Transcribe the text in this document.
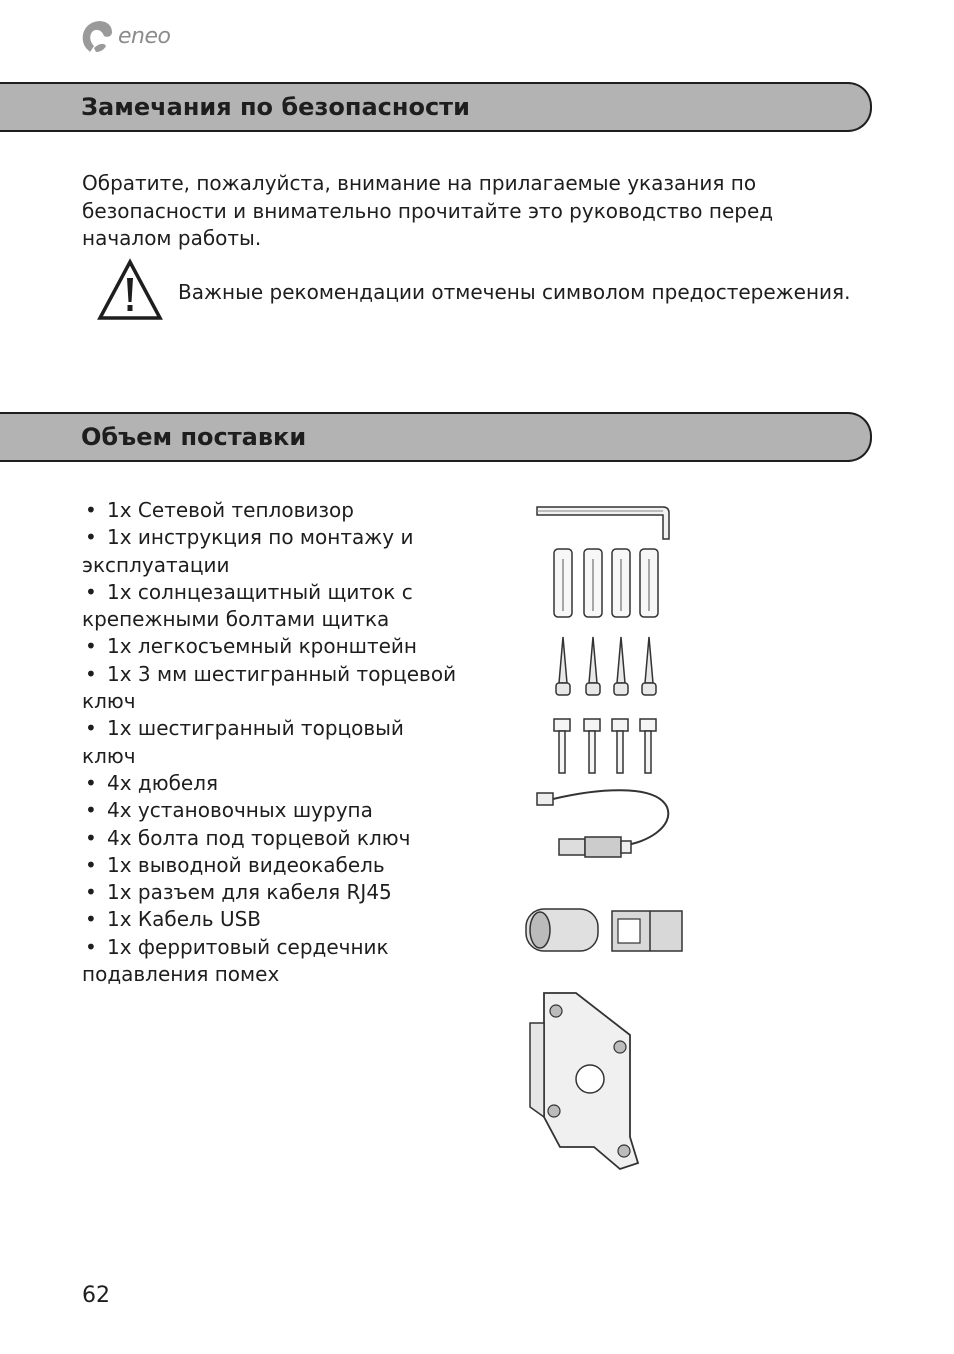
eneo
Замечания по безопасности
Обратите, пожалуйста, внимание на прилагаемые указания по
безопасности и внимательно прочитайте это руководство перед
началом работы.
Важные рекомендации отмечены символом предостережения.
Объем поставки
• 1x Сетевой тепловизор
• 1x инструкция по монтажу и
эксплуатации
• 1x солнцезащитный щиток с
крепежными болтами щитка
• 1x легкосъемный кронштейн
• 1x 3 мм шестигранный торцевой
ключ
• 1x шестигранный торцовый
ключ
• 4x дюбеля
• 4x установочных шурупа
• 4x болта под торцевой ключ
• 1x выводной видеокабель
• 1x разъем для кабеля RJ45
• 1x Кабель USB
• 1x ферритовый сердечник
подавления помех
62
